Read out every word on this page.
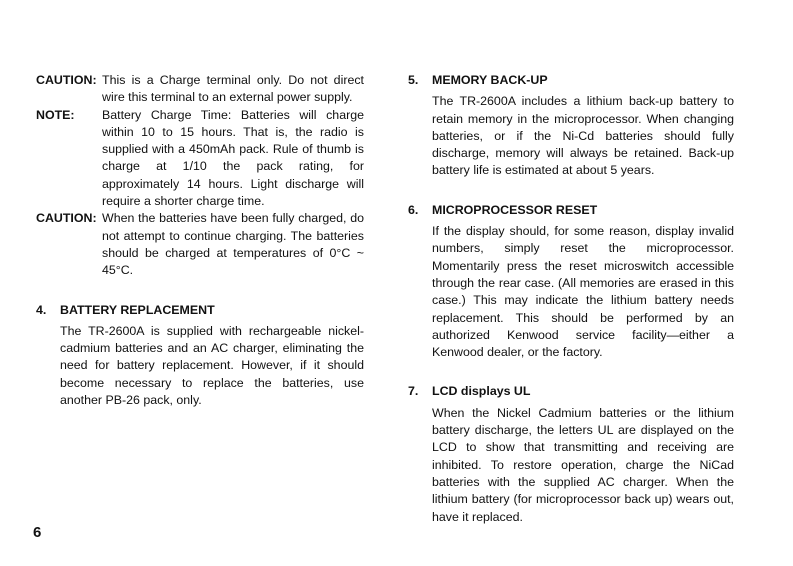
CAUTION: This is a Charge terminal only. Do not direct wire this terminal to an external power supply.
NOTE:	Battery Charge Time: Batteries will charge within 10 to 15 hours. That is, the radio is supplied with a 450mAh pack. Rule of thumb is charge at 1/10 the pack rating, for approximately 14 hours. Light discharge will require a shorter charge time.
CAUTION: When the batteries have been fully charged, do not attempt to continue charging. The batteries should be charged at temperatures of 0°C ~ 45°C.
4.	BATTERY REPLACEMENT
The TR-2600A is supplied with rechargeable nickel-cadmium batteries and an AC charger, eliminating the need for battery replacement. However, if it should become necessary to replace the batteries, use another PB-26 pack, only.
5.	MEMORY BACK-UP
The TR-2600A includes a lithium back-up battery to retain memory in the microprocessor. When changing batteries, or if the Ni-Cd batteries should fully discharge, memory will always be retained. Back-up battery life is estimated at about 5 years.
6.	MICROPROCESSOR RESET
If the display should, for some reason, display invalid numbers, simply reset the microprocessor. Momentarily press the reset microswitch accessible through the rear case. (All memories are erased in this case.) This may indicate the lithium battery needs replacement. This should be performed by an authorized Kenwood service facility—either a Kenwood dealer, or the factory.
7.	LCD displays UL
When the Nickel Cadmium batteries or the lithium battery discharge, the letters UL are displayed on the LCD to show that transmitting and receiving are inhibited. To restore operation, charge the NiCad batteries with the supplied AC charger. When the lithium battery (for microprocessor back up) wears out, have it replaced.
6
